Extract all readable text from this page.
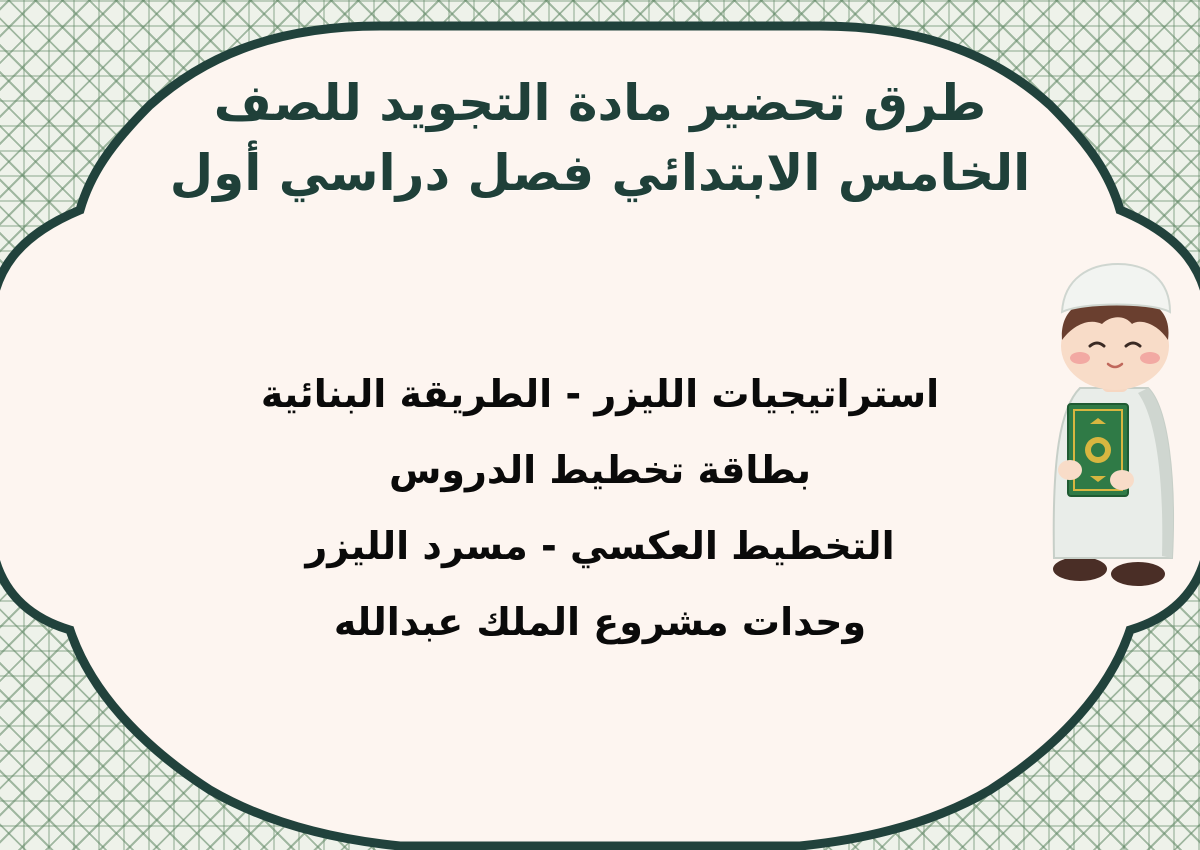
طرق تحضير مادة التجويد للصف
الخامس الابتدائي فصل دراسي أول
استراتيجيات الليزر - الطريقة البنائية
بطاقة تخطيط الدروس
التخطيط العكسي - مسرد الليزر
وحدات مشروع الملك عبدالله
